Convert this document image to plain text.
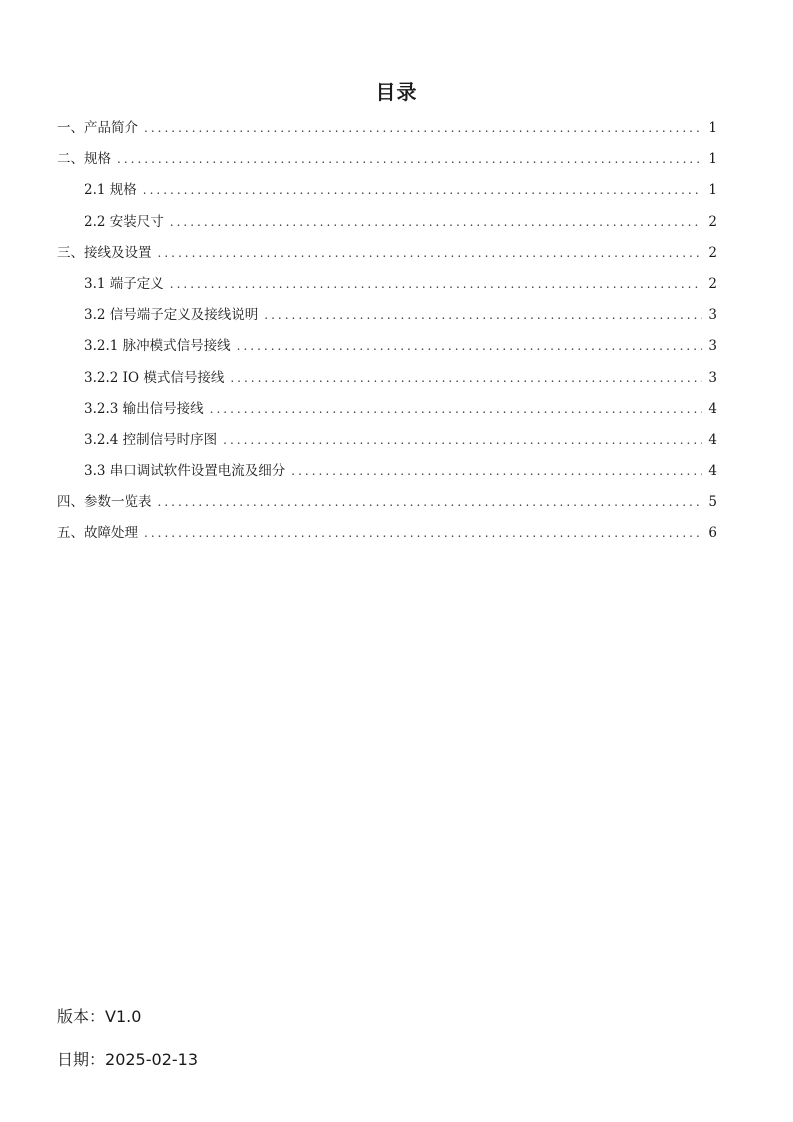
目录
一、产品简介 .....	1
二、规格 .....	1
2.1 规格 .....	1
2.2 安装尺寸 .....	2
三、接线及设置 .....	2
3.1 端子定义 .....	2
3.2 信号端子定义及接线说明 .....	3
3.2.1 脉冲模式信号接线 .....	3
3.2.2 IO 模式信号接线 .....	3
3.2.3 输出信号接线 .....	4
3.2.4 控制信号时序图 .....	4
3.3 串口调试软件设置电流及细分 .....	4
四、参数一览表 .....	5
五、故障处理 .....	6
版本：V1.0
日期：2025-02-13
